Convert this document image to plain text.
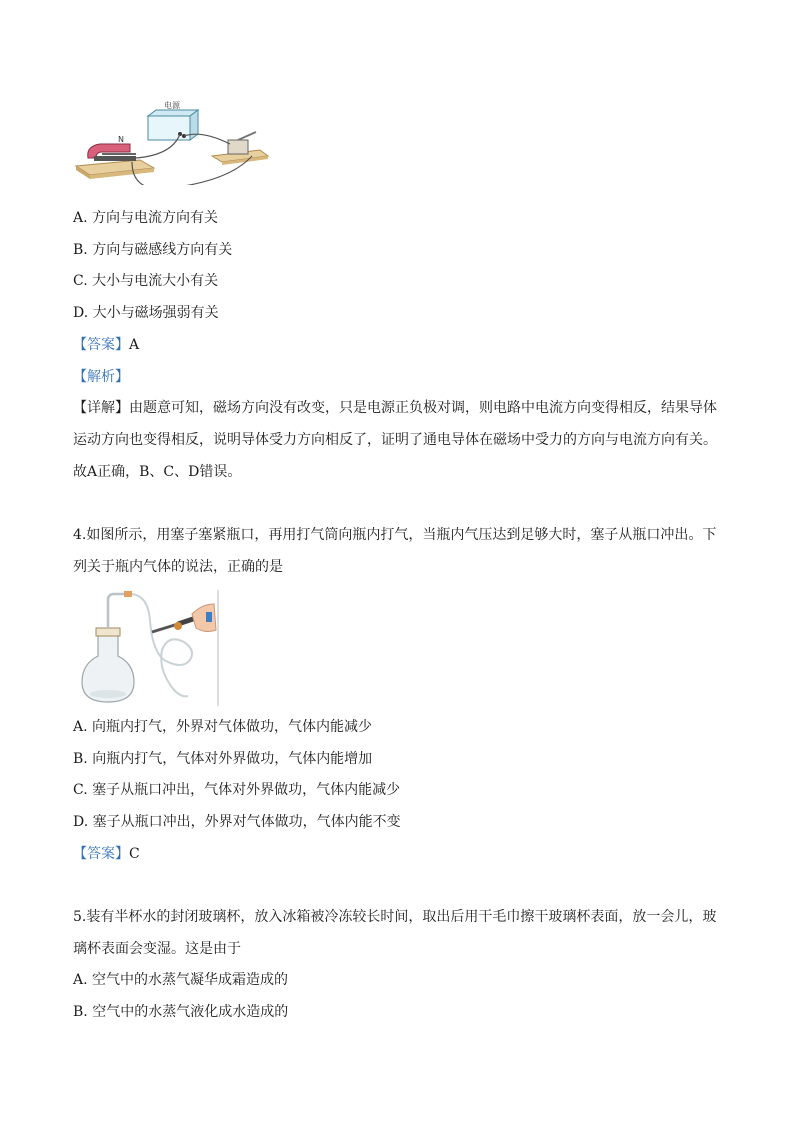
电源
N
A. 方向与电流方向有关
B. 方向与磁感线方向有关
C. 大小与电流大小有关
D. 大小与磁场强弱有关
【答案】A
【解析】
【详解】由题意可知，磁场方向没有改变，只是电源正负极对调，则电路中电流方向变得相反，结果导体
运动方向也变得相反，说明导体受力方向相反了，证明了通电导体在磁场中受力的方向与电流方向有关。
故A正确，B、C、D错误。
4.如图所示，用塞子塞紧瓶口，再用打气筒向瓶内打气，当瓶内气压达到足够大时，塞子从瓶口冲出。下
列关于瓶内气体的说法，正确的是
A. 向瓶内打气，外界对气体做功，气体内能减少
B. 向瓶内打气，气体对外界做功，气体内能增加
C. 塞子从瓶口冲出，气体对外界做功，气体内能减少
D. 塞子从瓶口冲出，外界对气体做功，气体内能不变
【答案】C
5.装有半杯水的封闭玻璃杯，放入冰箱被冷冻较长时间，取出后用干毛巾擦干玻璃杯表面，放一会儿，玻
璃杯表面会变湿。这是由于
A. 空气中的水蒸气凝华成霜造成的
B. 空气中的水蒸气液化成水造成的
